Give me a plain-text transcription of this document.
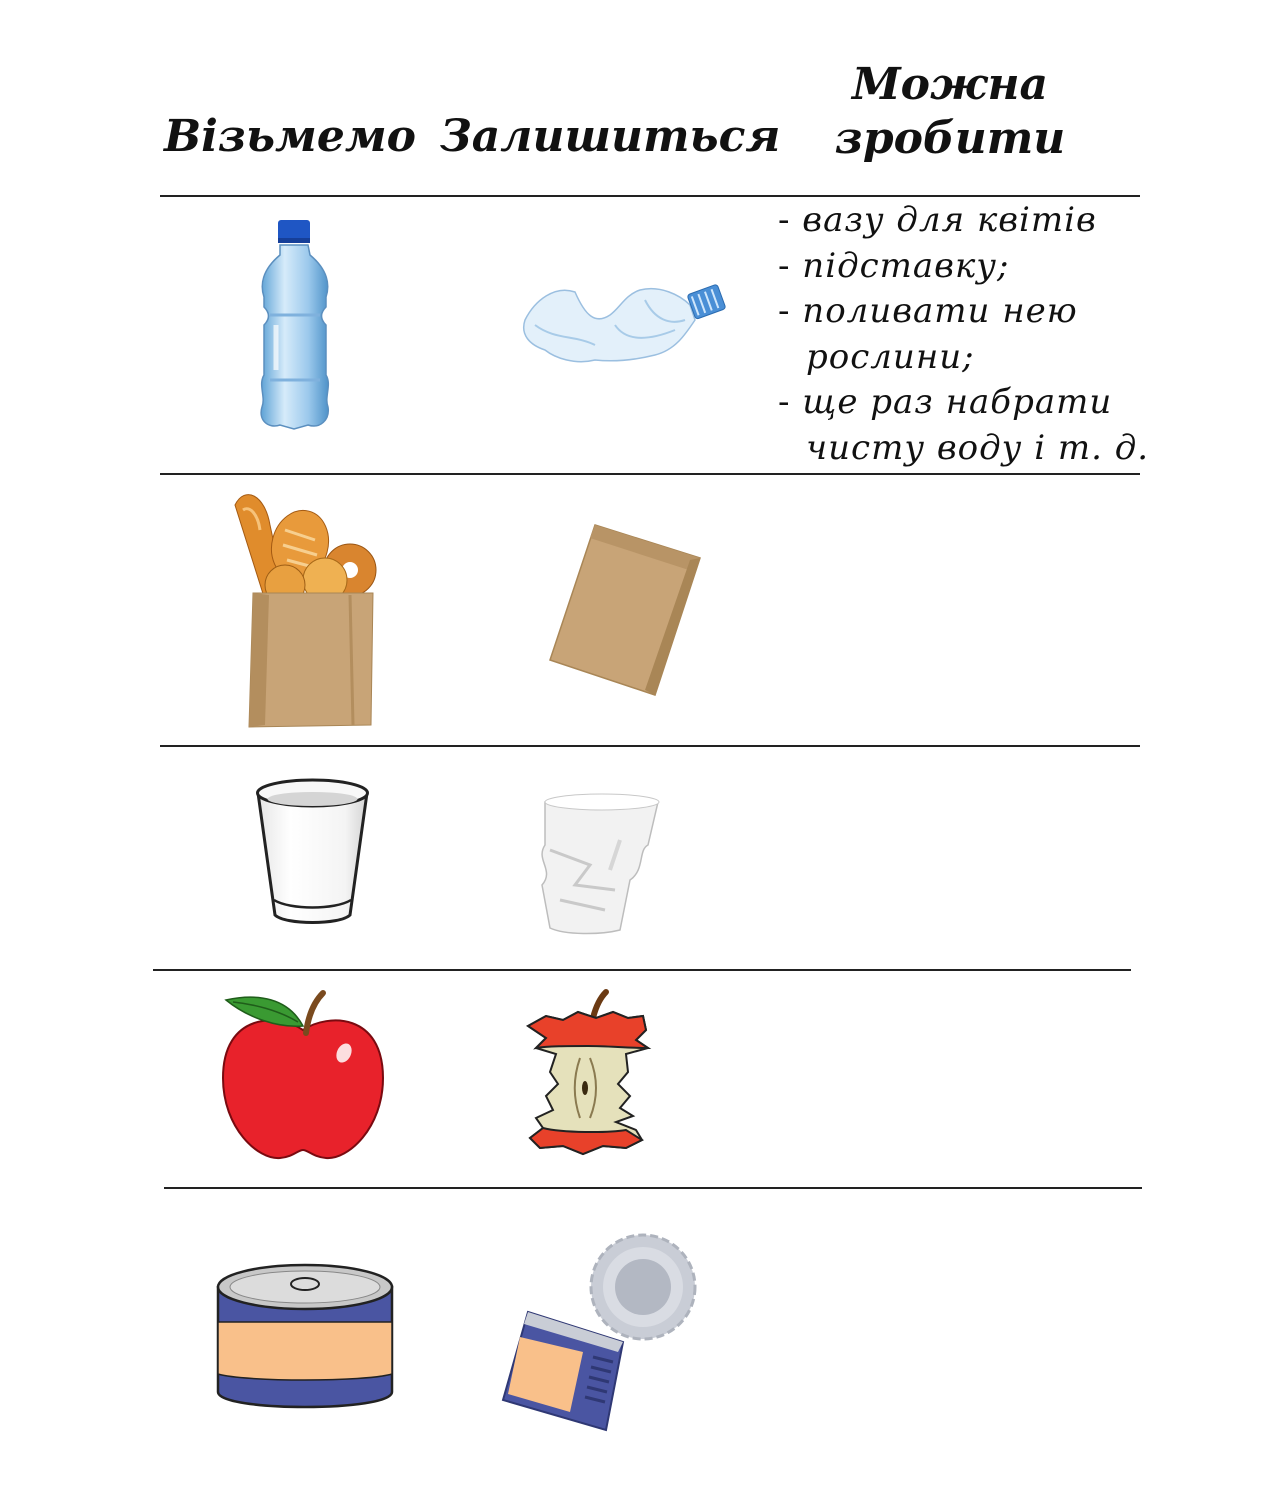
Візьмемо Залишиться
Можна
зробити
- вазу для квітів
- підставку;
- поливати нею рослини;
- ще раз набрати чисту воду і т. д.
